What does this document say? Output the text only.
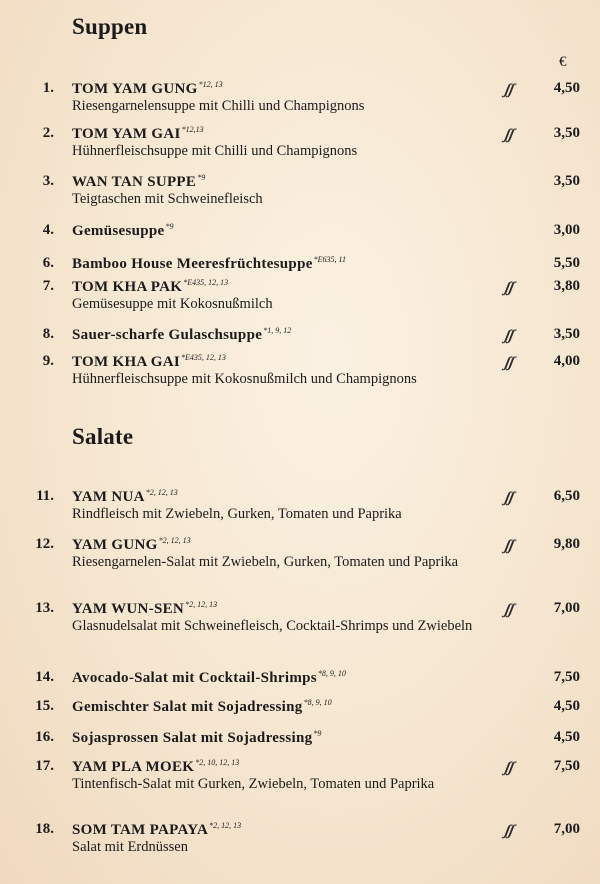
Suppen
€
Salate
1. TOM YAM GUNG$^{*12, 13}$
Riesengarnelensuppe mit Chilli und Champignons
ʃʃ	4,50
2. TOM YAM GAI$^{*12,13}$
Hühnerfleischsuppe mit Chilli und Champignons
ʃʃ	3,50
3. WAN TAN SUPPE$^{*9}$
Teigtaschen mit Schweinefleisch
3,50
4. Gemüsesuppe$^{*9}$	3,00
6. Bamboo House Meeresfrüchtesuppe$^{*E635, 11}$	5,50
7. TOM KHA $PAK^{*E435, 12, 13}$
Gemüsesuppe mit Kokosnußmilch
ʃʃ	3,80
8. Sauer-scharfe Gulaschsuppe$^{*1, 9, 12}$	ʃʃ	3,50
9. TOM KHA $GAI^{*E435, 12, 13}$
Hühnerfleischsuppe mit Kokosnußmilch und Champignons
ʃʃ	4,00
11. YAM NUA$^{*2, 12, 13}$
Rindfleisch mit Zwiebeln, Gurken, Tomaten und Paprika
ʃʃ	6,50
12. YAM GUNG$^{*2, 12, 13}$
Riesengarnelen-Salat mit Zwiebeln, Gurken, Tomaten und Paprika
ʃʃ	9,80
13. YAM WUN-SEN$^{*2, 12, 13}$
Glasnudelsalat mit Schweinefleisch, Cocktail-Shrimps und Zwiebeln
ʃʃ	7,00
14. Avocado-Salat mit Cocktail-Shrimps$^{*8, 9, 10}$	7,50
15. Gemischter Salat mit Sojadressing$^{*8, 9, 10}$	4,50
16. Sojasprossen Salat mit Sojadressing$^{*9}$	4,50
17. YAM PLA MOEK$^{*2, 10, 12, 13}$
Tintenfisch-Salat mit Gurken, Zwiebeln, Tomaten und Paprika
ʃʃ	7,50
18. SOM TAM PAPAYA$^{*2, 12, 13}$
Salat mit Erdnüssen
ʃʃ	7,00
